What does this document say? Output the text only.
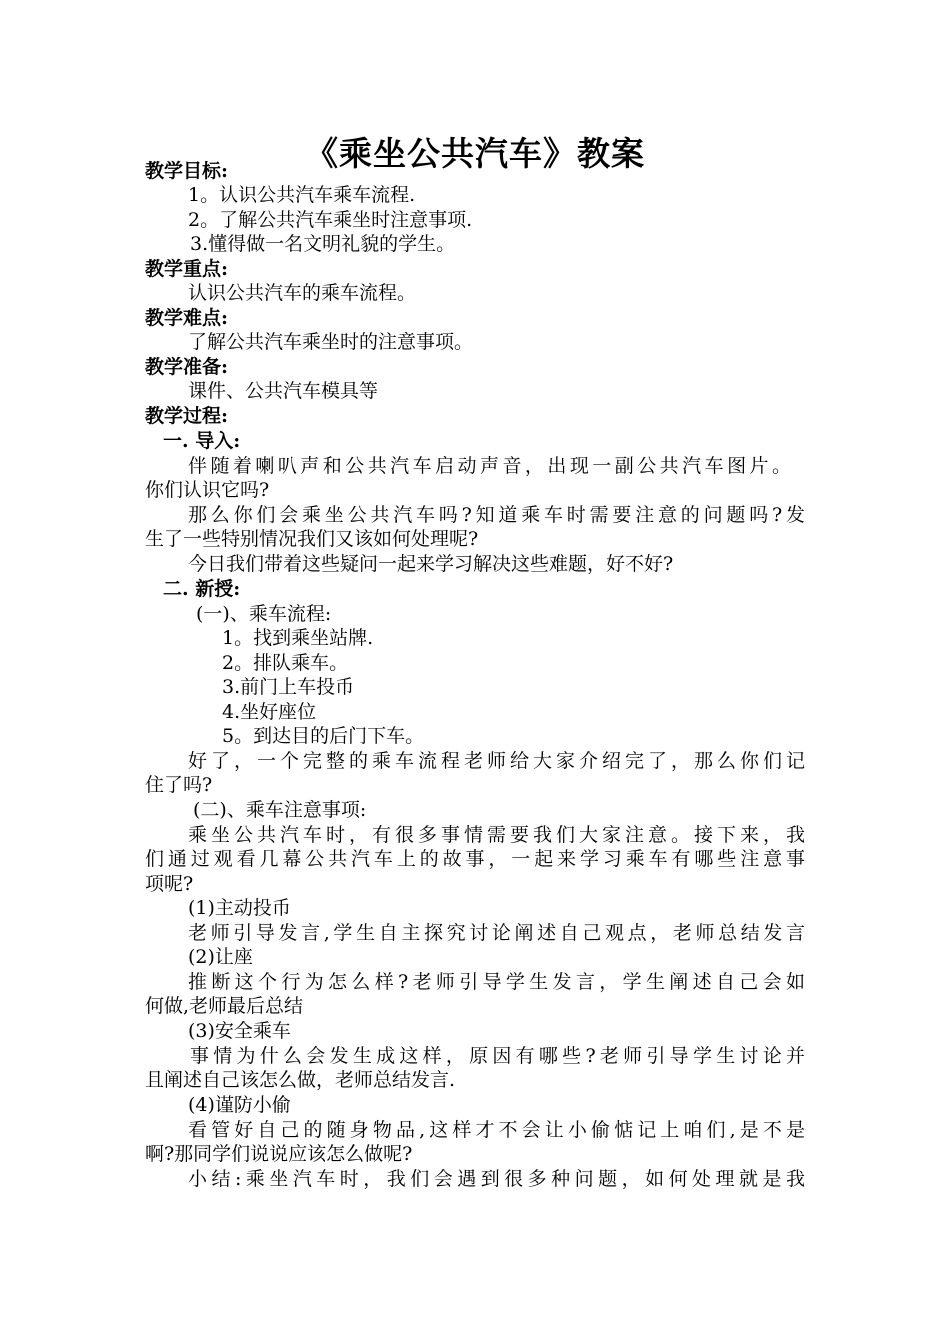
《乘坐公共汽车》教案
教学目标:
1。认识公共汽车乘车流程.
2。了解公共汽车乘坐时注意事项.
3.懂得做一名文明礼貌的学生。
教学重点:
认识公共汽车的乘车流程。
教学难点:
了解公共汽车乘坐时的注意事项。
教学准备:
课件、公共汽车模具等
教学过程:
一. 导入:
伴随着喇叭声和公共汽车启动声音，出现一副公共汽车图片。
你们认识它吗?
那么你们会乘坐公共汽车吗?知道乘车时需要注意的问题吗?发
生了一些特别情况我们又该如何处理呢?
今日我们带着这些疑问一起来学习解决这些难题，好不好?
二. 新授:
(一)、乘车流程:
1。找到乘坐站牌.
2。排队乘车。
3.前门上车投币
4.坐好座位
5。到达目的后门下车。
好了，一个完整的乘车流程老师给大家介绍完了，那么你们记
住了吗?
(二)、乘车注意事项:
乘坐公共汽车时，有很多事情需要我们大家注意。接下来，我
们通过观看几幕公共汽车上的故事，一起来学习乘车有哪些注意事
项呢?
(1)主动投币
老师引导发言,学生自主探究讨论阐述自己观点，老师总结发言
(2)让座
推断这个行为怎么样?老师引导学生发言，学生阐述自己会如
何做,老师最后总结
(3)安全乘车
事情为什么会发生成这样，原因有哪些?老师引导学生讨论并
且阐述自己该怎么做，老师总结发言.
(4)谨防小偷
看管好自己的随身物品,这样才不会让小偷惦记上咱们,是不是
啊?那同学们说说应该怎么做呢?
小结:乘坐汽车时，我们会遇到很多种问题，如何处理就是我
